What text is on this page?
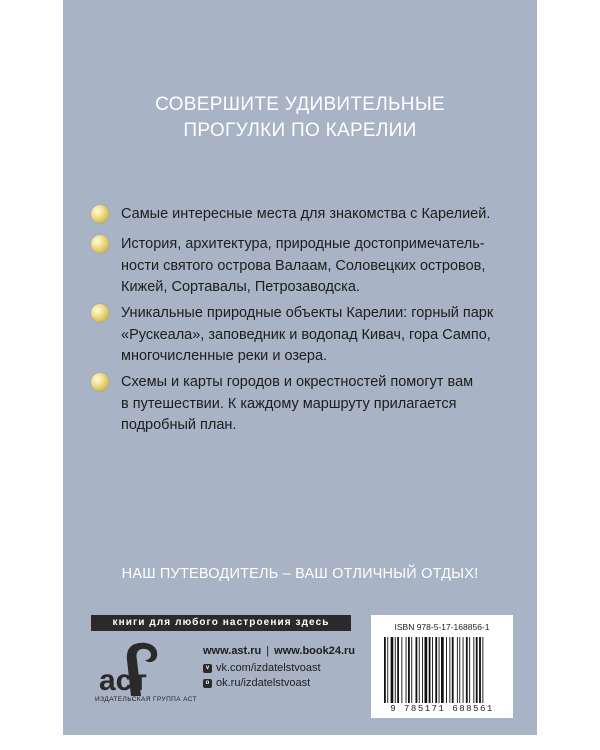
СОВЕРШИТЕ УДИВИТЕЛЬНЫЕ
ПРОГУЛКИ ПО КАРЕЛИИ
Самые интересные места для знакомства с Карелией.
История, архитектура, природные достопримечатель-
ности святого острова Валаам, Соловецких островов,
Кижей, Сортавалы, Петрозаводска.
Уникальные природные объекты Карелии: горный парк
«Рускеала», заповедник и водопад Кивач, гора Сампо,
многочисленные реки и озера.
Схемы и карты городов и окрестностей помогут вам
в путешествии. К каждому маршруту прилагается
подробный план.
НАШ ПУТЕВОДИТЕЛЬ – ВАШ ОТЛИЧНЫЙ ОТДЫХ!
книги для любого настроения здесь
аст
ИЗДАТЕЛЬСКАЯ ГРУППА АСТ
www.ast.ru | www.book24.ru
v vk.com/izdatelstvoast
o ok.ru/izdatelstvoast
ISBN 978-5-17-168856-1
9 785171 688561
